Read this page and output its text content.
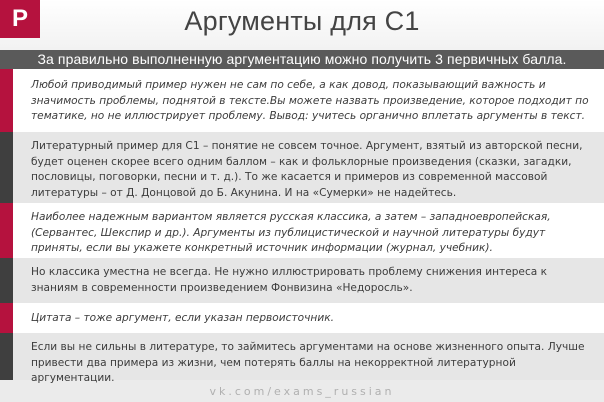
P	Аргументы для С1
За правильно выполненную аргументацию можно получить 3 первичных балла.

Любой приводимый пример нужен не сам по себе, а как довод, показывающий важность и значимость проблемы, поднятой в тексте.Вы можете назвать произведение, которое подходит по тематике, но не иллюстрирует проблему. Вывод: учитесь органично вплетать аргументы в текст.

Литературный пример для С1 – понятие не совсем точное. Аргумент, взятый из авторской песни, будет оценен скорее всего одним баллом – как и фольклорные произведения (сказки, загадки, пословицы, поговорки, песни и т. д.). То же касается и примеров из современной массовой литературы – от Д. Донцовой до Б. Акунина. И на «Сумерки» не надейтесь.

Наиболее надежным вариантом является русская классика, а затем – западноевропейская, (Сервантес, Шекспир и др.). Аргументы из публицистической и научной литературы будут приняты, если вы укажете конкретный источник информации (журнал, учебник).

Но классика уместна не всегда. Не нужно иллюстрировать проблему снижения интереса к знаниям в современности произведением Фонвизина «Недоросль».

Цитата – тоже аргумент, если указан первоисточник.

Если вы не сильны в литературе, то займитесь аргументами на основе жизненного опыта. Лучше привести два примера из жизни, чем потерять баллы на некорректной литературной аргументации.

vk.com/exams_russian
